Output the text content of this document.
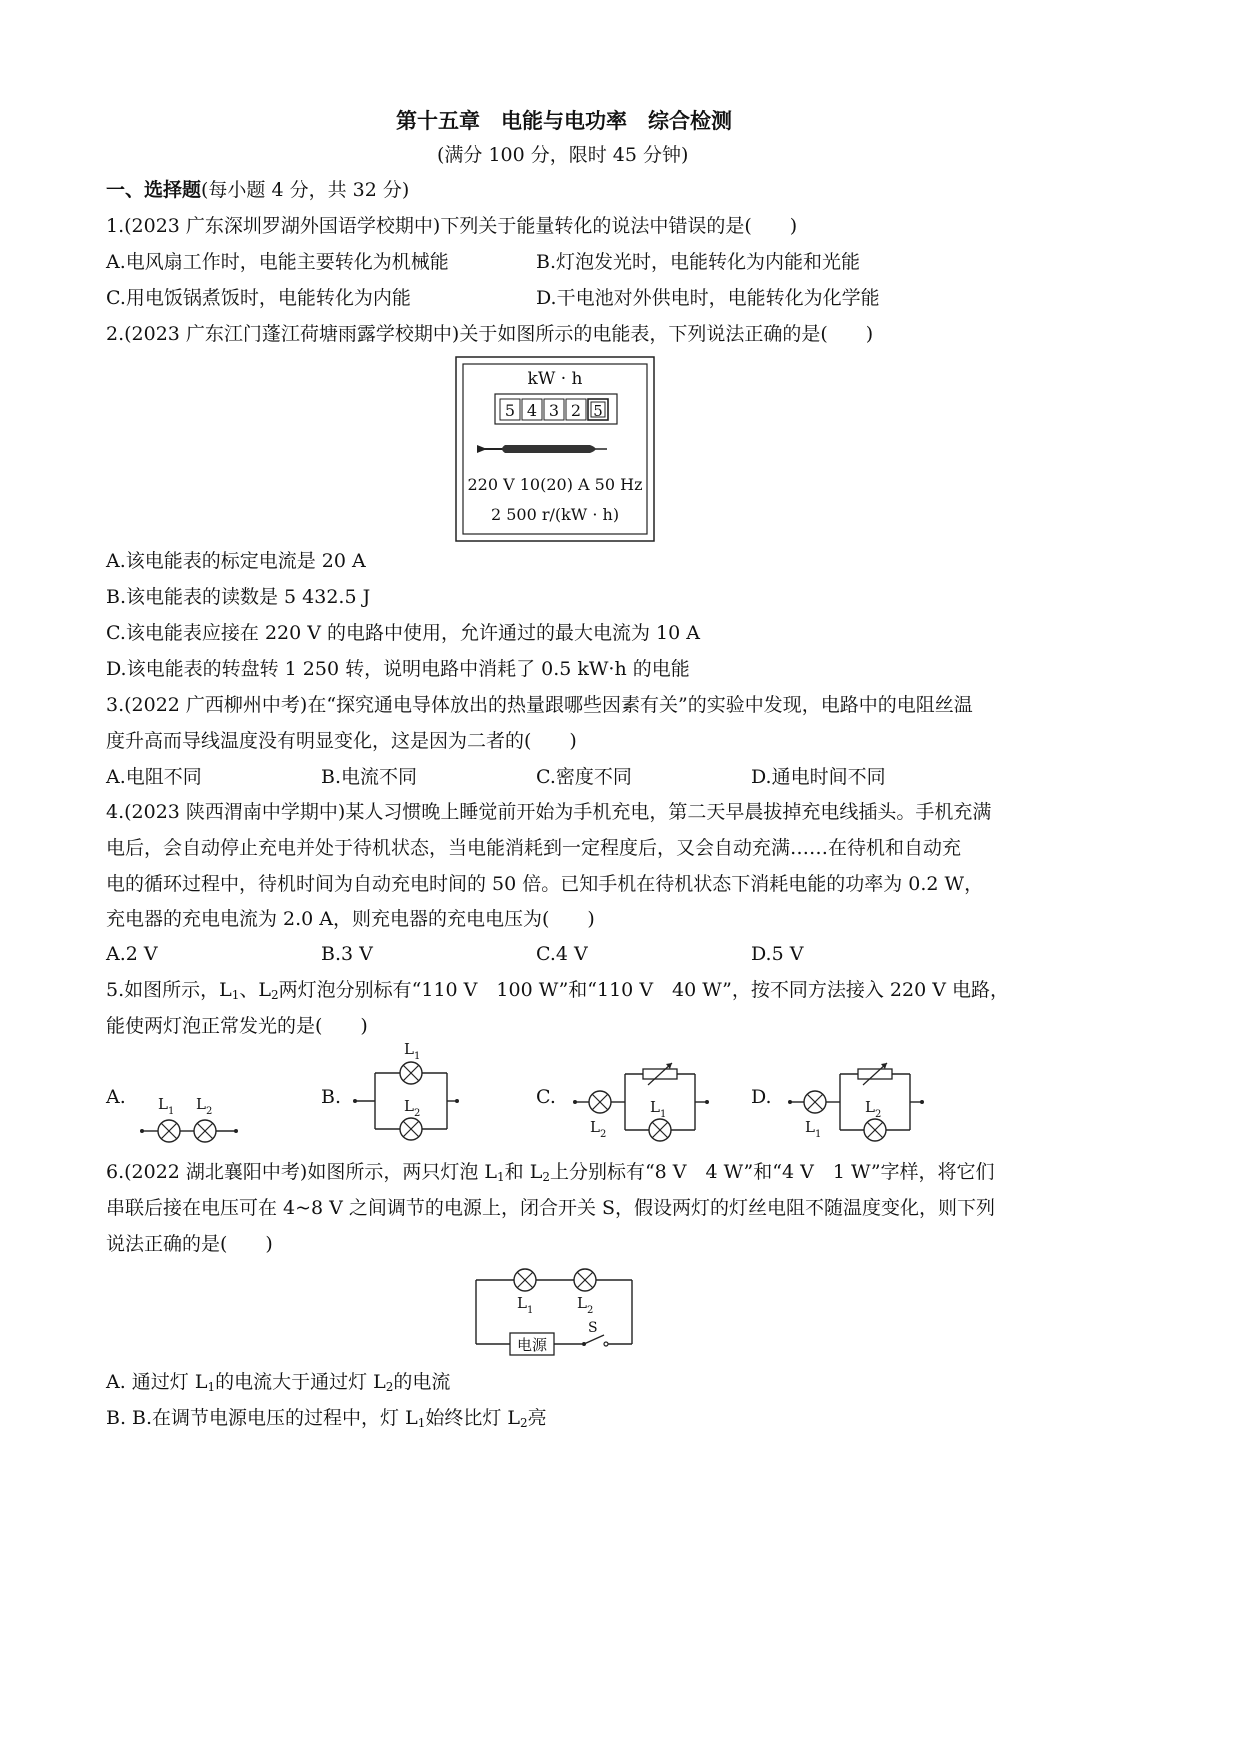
第十五章　电能与电功率　综合检测
(满分 100 分，限时 45 分钟)
一、选择题(每小题 4 分，共 32 分)
1.(2023 广东深圳罗湖外国语学校期中)下列关于能量转化的说法中错误的是(　　)
A.电风扇工作时，电能主要转化为机械能	B.灯泡发光时，电能转化为内能和光能
C.用电饭锅煮饭时，电能转化为内能	D.干电池对外供电时，电能转化为化学能
2.(2023 广东江门蓬江荷塘雨露学校期中)关于如图所示的电能表，下列说法正确的是(　　)
kW · h
5 4 3 2 5
220 V 10(20) A 50 Hz
2 500 r/(kW · h)
A.该电能表的标定电流是 20 A
B.该电能表的读数是 5 432.5 J
C.该电能表应接在 220 V 的电路中使用，允许通过的最大电流为 10 A
D.该电能表的转盘转 1 250 转，说明电路中消耗了 0.5 kW·h 的电能
3.(2022 广西柳州中考)在“探究通电导体放出的热量跟哪些因素有关”的实验中发现，电路中的电阻丝温
度升高而导线温度没有明显变化，这是因为二者的(　　)
A.电阻不同	B.电流不同	C.密度不同	D.通电时间不同
4.(2023 陕西渭南中学期中)某人习惯晚上睡觉前开始为手机充电，第二天早晨拔掉充电线插头。手机充满
电后，会自动停止充电并处于待机状态，当电能消耗到一定程度后，又会自动充满……在待机和自动充
电的循环过程中，待机时间为自动充电时间的 50 倍。已知手机在待机状态下消耗电能的功率为 0.2 W，
充电器的充电电流为 2.0 A，则充电器的充电电压为(　　)
A.2 V	B.3 V	C.4 V	D.5 V
5.如图所示，$L_1$、$L_2$两灯泡分别标有“110 V　100 W”和“110 V　40 W”，按不同方法接入 220 V 电路，
能使两灯泡正常发光的是(　　)
A.	B.	C.	D.
L 1 L 2
L 1
L 2
L 2
L 1
L 1
L 2
6.(2022 湖北襄阳中考)如图所示，两只灯泡 $L_1$和 $L_2$上分别标有“8 V　4 W”和“4 V　1 W”字样，将它们
串联后接在电压可在 4~8 V 之间调节的电源上，闭合开关 S，假设两灯的灯丝电阻不随温度变化，则下列
说法正确的是(　　)
电源
S
L 1	L 2
A. 通过灯 $L_1$的电流大于通过灯 $L_2$的电流
B. B.在调节电源电压的过程中，灯 $L_1$始终比灯 $L_2$亮
